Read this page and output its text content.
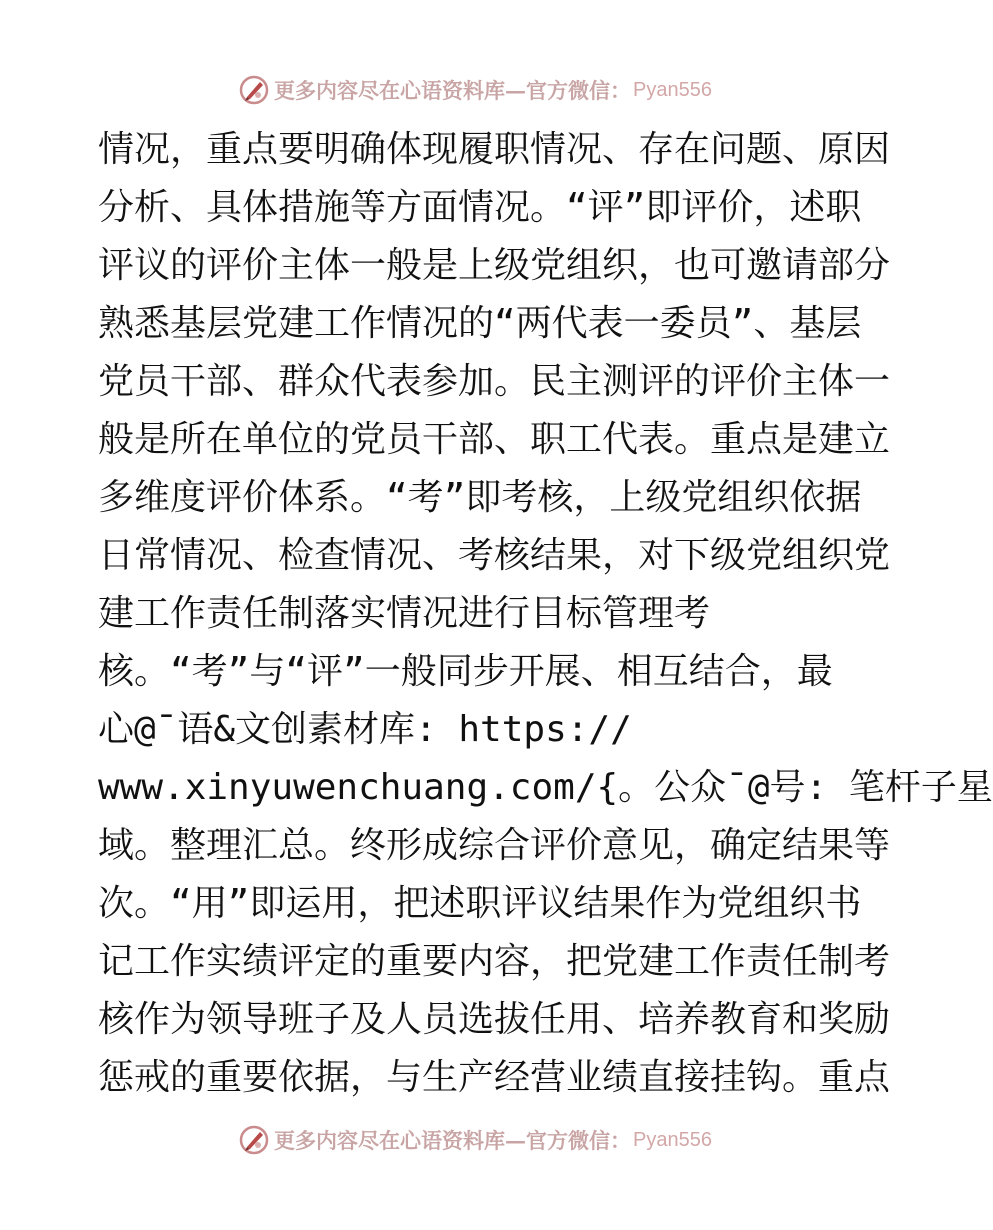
更多内容尽在心语资料库—官方微信： Pyan556
情况，重点要明确体现履职情况、存在问题、原因
分析、具体措施等方面情况。“评”即评价，述职
评议的评价主体一般是上级党组织，也可邀请部分
熟悉基层党建工作情况的“两代表一委员”、基层
党员干部、群众代表参加。民主测评的评价主体一
般是所在单位的党员干部、职工代表。重点是建立
多维度评价体系。“考”即考核，上级党组织依据
日常情况、检查情况、考核结果，对下级党组织党
建工作责任制落实情况进行目标管理考
核。“考”与“评”一般同步开展、相互结合，最
心@¯语&文创素材库: https://
www.xinyuwenchuang.com/{。公众¯@号: 笔杆子星
域。整理汇总。终形成综合评价意见，确定结果等
次。“用”即运用，把述职评议结果作为党组织书
记工作实绩评定的重要内容，把党建工作责任制考
核作为领导班子及人员选拔任用、培养教育和奖励
惩戒的重要依据，与生产经营业绩直接挂钩。重点
更多内容尽在心语资料库—官方微信： Pyan556
